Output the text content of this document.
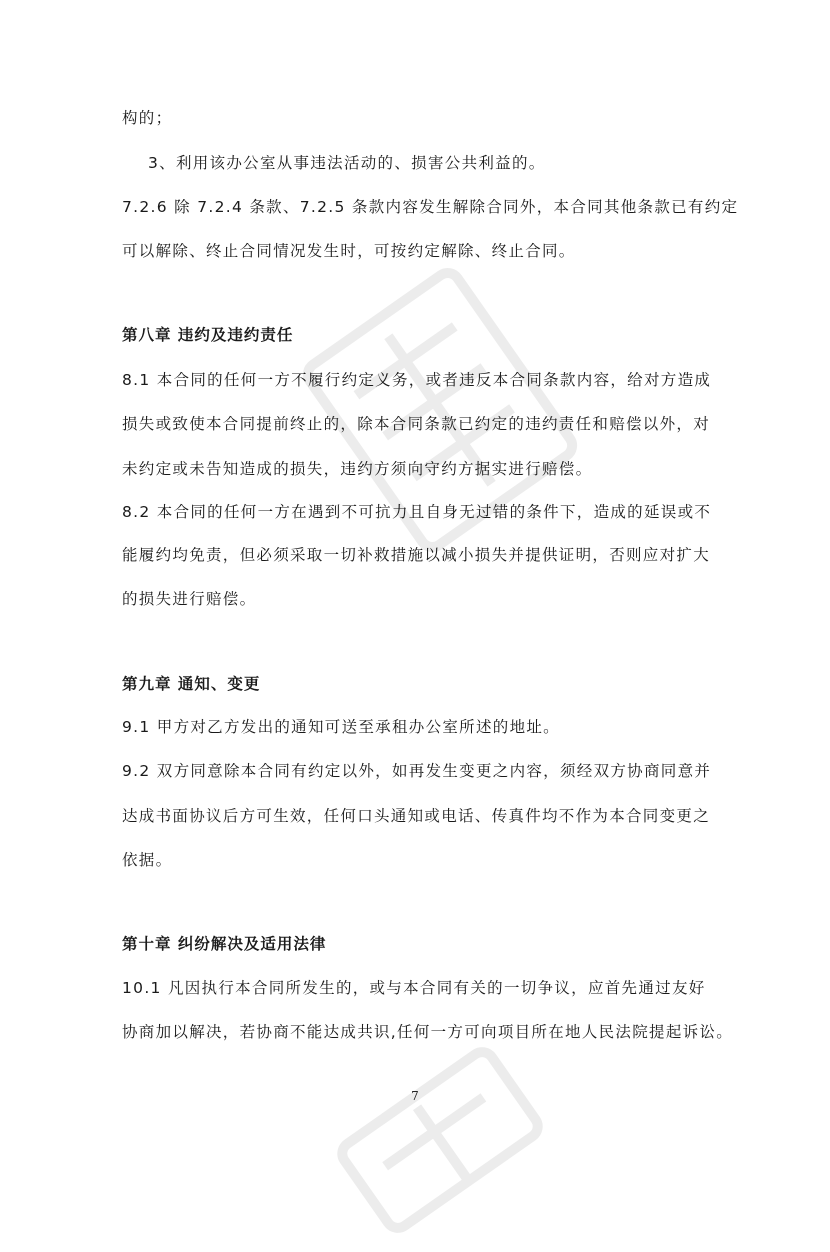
构的；
3、利用该办公室从事违法活动的、损害公共利益的。
7.2.6 除 7.2.4 条款、7.2.5 条款内容发生解除合同外，本合同其他条款已有约定
可以解除、终止合同情况发生时，可按约定解除、终止合同。
第八章 违约及违约责任
8.1 本合同的任何一方不履行约定义务，或者违反本合同条款内容，给对方造成
损失或致使本合同提前终止的，除本合同条款已约定的违约责任和赔偿以外，对
未约定或未告知造成的损失，违约方须向守约方据实进行赔偿。
8.2 本合同的任何一方在遇到不可抗力且自身无过错的条件下，造成的延误或不
能履约均免责，但必须采取一切补救措施以减小损失并提供证明，否则应对扩大
的损失进行赔偿。
第九章 通知、变更
9.1 甲方对乙方发出的通知可送至承租办公室所述的地址。
9.2 双方同意除本合同有约定以外，如再发生变更之内容，须经双方协商同意并
达成书面协议后方可生效，任何口头通知或电话、传真件均不作为本合同变更之
依据。
第十章 纠纷解决及适用法律
10.1 凡因执行本合同所发生的，或与本合同有关的一切争议，应首先通过友好
协商加以解决，若协商不能达成共识,任何一方可向项目所在地人民法院提起诉讼。
7
